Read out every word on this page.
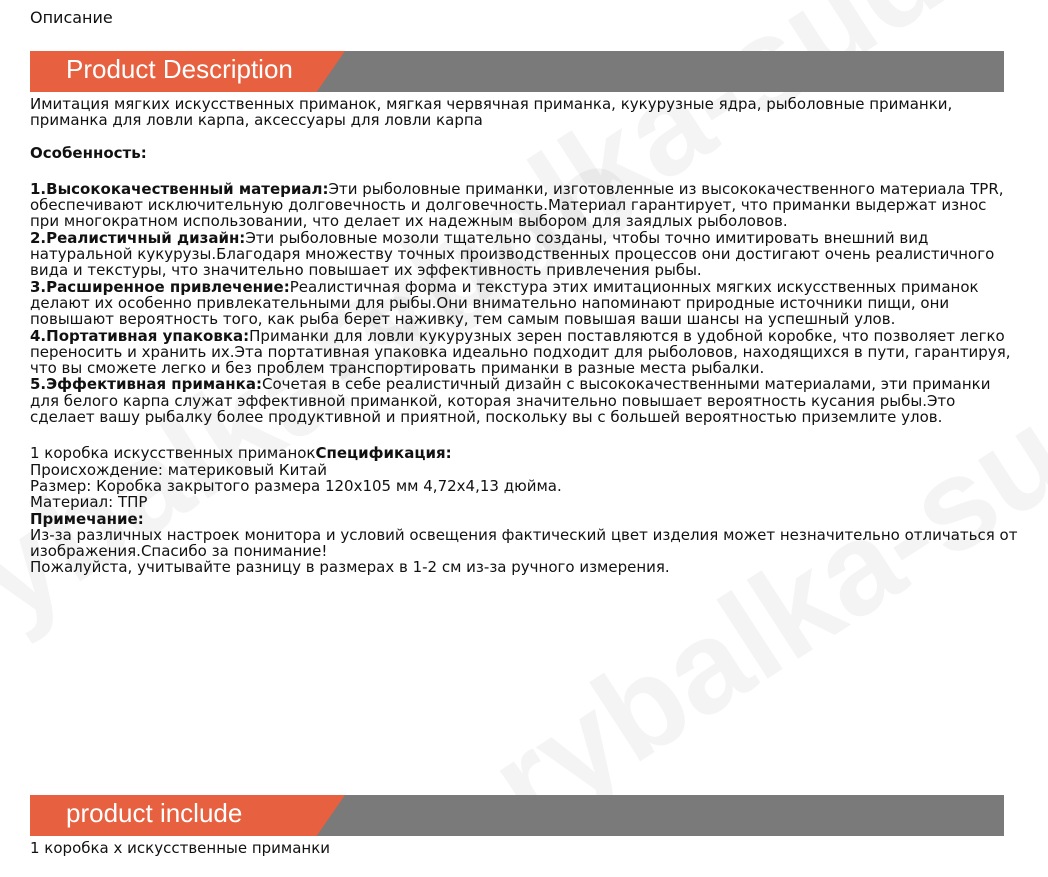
Описание
Product Description

Имитация мягких искусственных приманок, мягкая червячная приманка, кукурузные ядра, рыболовные приманки, приманка для ловли карпа, аксессуары для ловли карпа

Особенность:

1.Высококачественный материал:Эти рыболовные приманки, изготовленные из высококачественного материала TPR, обеспечивают исключительную долговечность и долговечность.Материал гарантирует, что приманки выдержат износ при многократном использовании, что делает их надежным выбором для заядлых рыболовов.

2.Реалистичный дизайн:Эти рыболовные мозоли тщательно созданы, чтобы точно имитировать внешний вид натуральной кукурузы.Благодаря множеству точных производственных процессов они достигают очень реалистичного вида и текстуры, что значительно повышает их эффективность привлечения рыбы.

3.Расширенное привлечение:Реалистичная форма и текстура этих имитационных мягких искусственных приманок делают их особенно привлекательными для рыбы.Они внимательно напоминают природные источники пищи, они повышают вероятность того, как рыба берет наживку, тем самым повышая ваши шансы на успешный улов.

4.Портативная упаковка:Приманки для ловли кукурузных зерен поставляются в удобной коробке, что позволяет легко переносить и хранить их.Эта портативная упаковка идеально подходит для рыболовов, находящихся в пути, гарантируя, что вы сможете легко и без проблем транспортировать приманки в разные места рыбалки.

5.Эффективная приманка:Сочетая в себе реалистичный дизайн с высококачественными материалами, эти приманки для белого карпа служат эффективной приманкой, которая значительно повышает вероятность кусания рыбы.Это сделает вашу рыбалку более продуктивной и приятной, поскольку вы с большей вероятностью приземлите улов.

1 коробка искусственных приманокСпецификация:

Происхождение: материковый Китай

Размер: Коробка закрытого размера 120х105 мм 4,72х4,13 дюйма.

Материал: ТПР

Примечание:

Из-за различных настроек монитора и условий освещения фактический цвет изделия может незначительно отличаться от изображения.Спасибо за понимание!

Пожалуйста, учитывайте разницу в размерах в 1-2 см из-за ручного измерения.

product include

1 коробка х искусственные приманки
